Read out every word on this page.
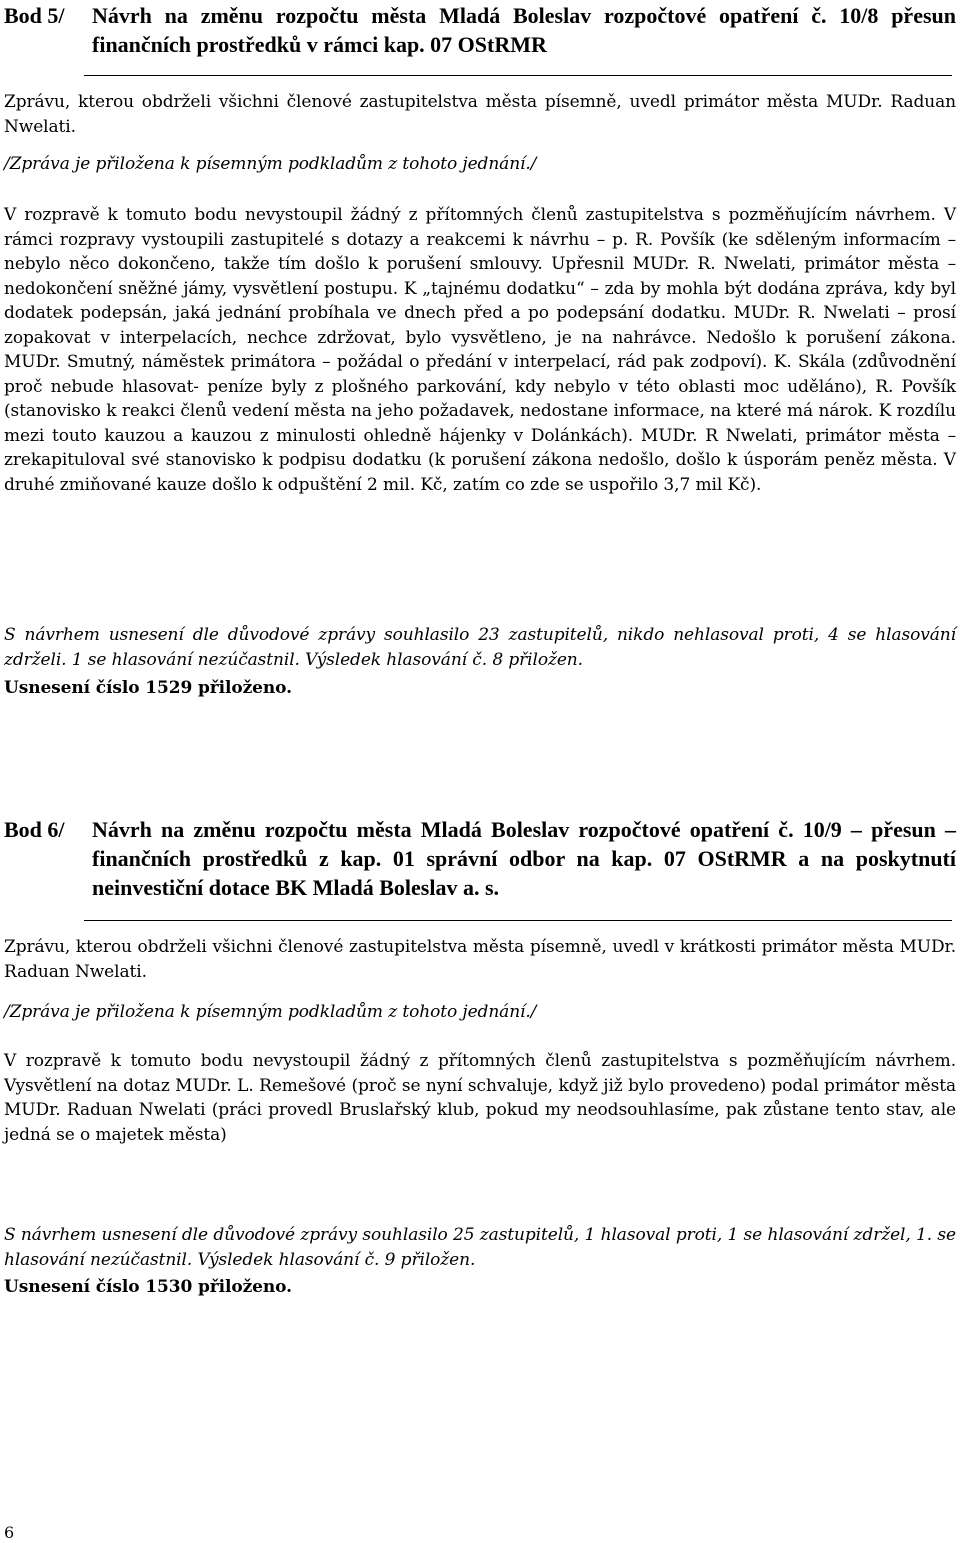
Bod 5/	Návrh na změnu rozpočtu města Mladá Boleslav rozpočtové opatření č. 10/8 přesun finančních prostředků v rámci kap. 07 OStRMR
Zprávu, kterou obdrželi všichni členové zastupitelstva města písemně, uvedl primátor města MUDr. Raduan Nwelati.
/Zpráva je přiložena k písemným podkladům z tohoto jednání./
V rozpravě k tomuto bodu nevystoupil žádný z přítomných členů zastupitelstva s pozměňujícím návrhem. V rámci rozpravy vystoupili zastupitelé s dotazy a reakcemi k návrhu – p. R. Povšík (ke sděleným informacím – nebylo něco dokončeno, takže tím došlo k porušení smlouvy. Upřesnil MUDr. R. Nwelati, primátor města – nedokončení sněžné jámy, vysvětlení postupu. K „tajnému dodatku“ – zda by mohla být dodána zpráva, kdy byl dodatek podepsán, jaká jednání probíhala ve dnech před a po podepsání dodatku. MUDr. R. Nwelati – prosí zopakovat v interpelacích, nechce zdržovat, bylo vysvětleno, je na nahrávce. Nedošlo k porušení zákona. MUDr. Smutný, náměstek primátora – požádal o předání v interpelací, rád pak zodpoví). K. Skála (zdůvodnění proč nebude hlasovat- peníze byly z plošného parkování, kdy nebylo v této oblasti moc uděláno), R. Povšík (stanovisko k reakci členů vedení města na jeho požadavek, nedostane informace, na které má nárok. K rozdílu mezi touto kauzou a kauzou z minulosti ohledně hájenky v Dolánkách). MUDr. R Nwelati, primátor města – zrekapituloval své stanovisko k podpisu dodatku (k porušení zákona nedošlo, došlo k úsporám peněz města. V druhé zmiňované kauze došlo k odpuštění 2 mil. Kč, zatím co zde se uspořilo 3,7 mil Kč).
S návrhem usnesení dle důvodové zprávy souhlasilo 23 zastupitelů, nikdo nehlasoval proti, 4 se hlasování zdrželi. 1 se hlasování nezúčastnil. Výsledek hlasování č. 8 přiložen.
Usnesení číslo 1529 přiloženo.
Bod 6/	Návrh na změnu rozpočtu města Mladá Boleslav rozpočtové opatření č. 10/9 – přesun – finančních prostředků z kap. 01 správní odbor na kap. 07 OStRMR a na poskytnutí neinvestiční dotace BK Mladá Boleslav a. s.
Zprávu, kterou obdrželi všichni členové zastupitelstva města písemně, uvedl v krátkosti primátor města MUDr. Raduan Nwelati.
/Zpráva je přiložena k písemným podkladům z tohoto jednání./
V rozpravě k tomuto bodu nevystoupil žádný z přítomných členů zastupitelstva s pozměňujícím návrhem. Vysvětlení na dotaz MUDr. L. Remešové (proč se nyní schvaluje, když již bylo provedeno) podal primátor města MUDr. Raduan Nwelati (práci provedl Bruslařský klub, pokud my neodsouhlasíme, pak zůstane tento stav, ale jedná se o majetek města)
S návrhem usnesení dle důvodové zprávy souhlasilo 25 zastupitelů, 1 hlasoval proti, 1 se hlasování zdržel, 1. se hlasování nezúčastnil. Výsledek hlasování č. 9 přiložen.
Usnesení číslo 1530 přiloženo.
6
